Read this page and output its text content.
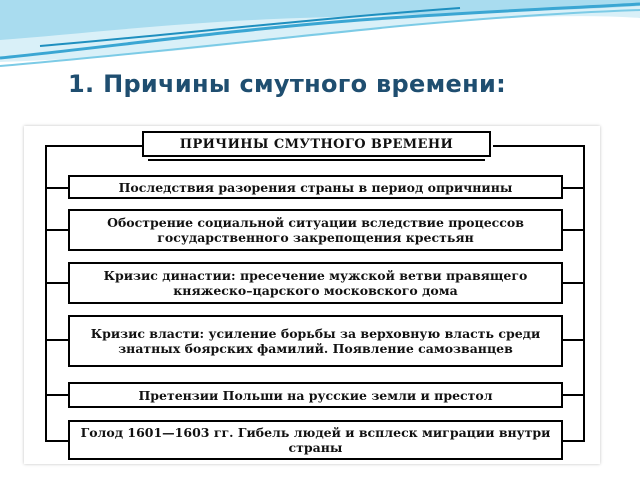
1. Причины смутного времени:
ПРИЧИНЫ СМУТНОГО ВРЕМЕНИ
Последствия разорения страны в период опричнины
Обострение социальной ситуации вследствие процессов государственного закрепощения крестьян
Кризис династии: пресечение мужской ветви правящего княжеско–царского московского дома
Кризис власти: усиление борьбы за верховную власть среди знатных боярских фамилий. Появление самозванцев
Претензии Польши на русские земли и престол
Голод 1601—1603 гг. Гибель людей и всплеск миграции внутри страны
